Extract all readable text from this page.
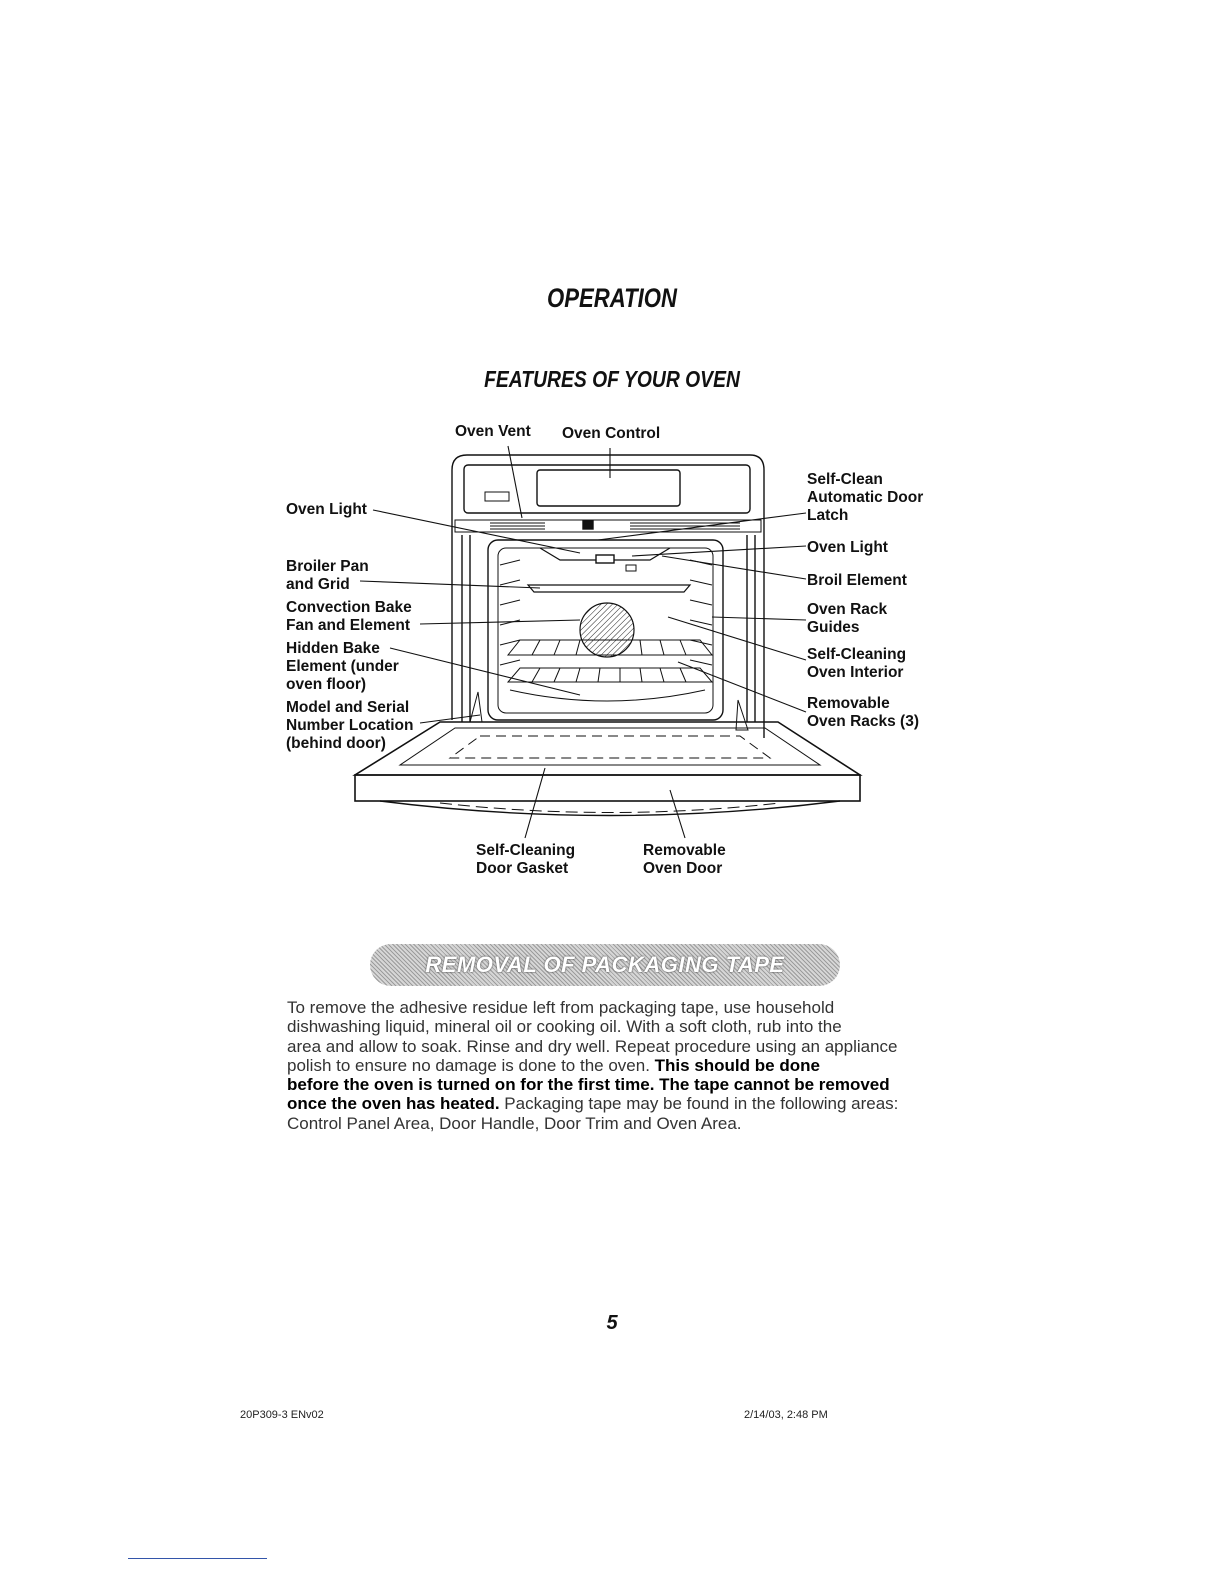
OPERATION
FEATURES OF YOUR OVEN
Oven Vent Oven Control
Oven Light
Broiler Pan
and Grid
Convection Bake
Fan and Element
Hidden Bake
Element (under
oven floor)
Model and Serial
Number Location
(behind door)
Self-Clean
Automatic Door
Latch
Oven Light
Broil Element
Oven Rack
Guides
Self-Cleaning
Oven Interior
Removable
Oven Racks (3)
Self-Cleaning
Door Gasket
Removable
Oven Door
REMOVAL OF PACKAGING TAPE

To remove the adhesive residue left from packaging tape, use household

dishwashing liquid, mineral oil or cooking oil. With a soft cloth, rub into the

area and allow to soak. Rinse and dry well. Repeat procedure using an appliance

polish to ensure no damage is done to the oven. This should be done

before the oven is turned on for the first time. The tape cannot be removed

once the oven has heated. Packaging tape may be found in the following areas:

Control Panel Area, Door Handle, Door Trim and Oven Area.

5
20P309-3 ENv02	2/14/03, 2:48 PM
